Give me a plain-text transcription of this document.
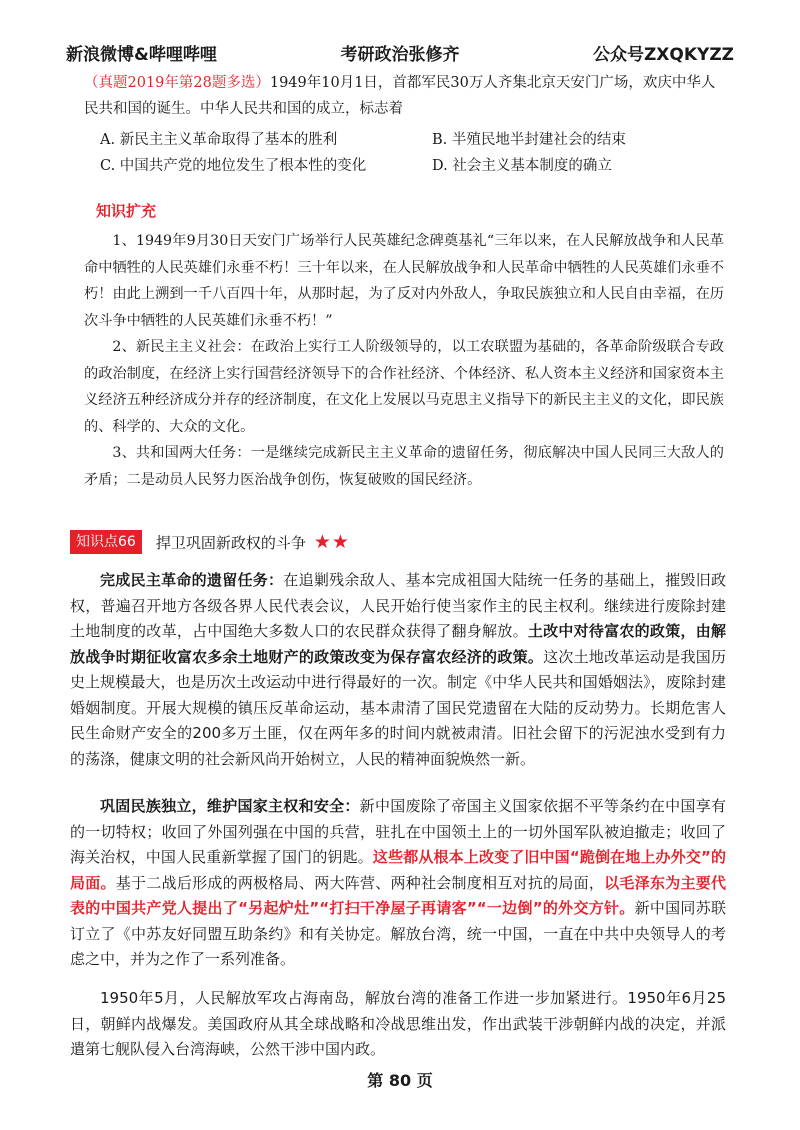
新浪微博&哔哩哔哩	考研政治张修齐	公众号ZXQKYZZ
（真题2019年第28题多选）1949年10月1日，首都军民30万人齐集北京天安门广场，欢庆中华人民共和国的诞生。中华人民共和国的成立，标志着
A. 新民主主义革命取得了基本的胜利	B. 半殖民地半封建社会的结束
C. 中国共产党的地位发生了根本性的变化	D. 社会主义基本制度的确立
知识扩充

1、1949年9月30日天安门广场举行人民英雄纪念碑奠基礼“三年以来，在人民解放战争和人民革命中牺牲的人民英雄们永垂不朽！三十年以来，在人民解放战争和人民革命中牺牲的人民英雄们永垂不朽！由此上溯到一千八百四十年，从那时起，为了反对内外敌人，争取民族独立和人民自由幸福，在历次斗争中牺牲的人民英雄们永垂不朽！”

2、新民主主义社会：在政治上实行工人阶级领导的，以工农联盟为基础的，各革命阶级联合专政的政治制度，在经济上实行国营经济领导下的合作社经济、个体经济、私人资本主义经济和国家资本主义经济五种经济成分并存的经济制度，在文化上发展以马克思主义指导下的新民主主义的文化，即民族的、科学的、大众的文化。

3、共和国两大任务：一是继续完成新民主主义革命的遗留任务，彻底解决中国人民同三大敌人的矛盾；二是动员人民努力医治战争创伤，恢复破败的国民经济。

知识点66	捍卫巩固新政权的斗争 ★★

完成民主革命的遗留任务：在追剿残余敌人、基本完成祖国大陆统一任务的基础上，摧毁旧政权，普遍召开地方各级各界人民代表会议，人民开始行使当家作主的民主权利。继续进行废除封建土地制度的改革，占中国绝大多数人口的农民群众获得了翻身解放。土改中对待富农的政策，由解放战争时期征收富农多余土地财产的政策改变为保存富农经济的政策。这次土地改革运动是我国历史上规模最大，也是历次土改运动中进行得最好的一次。制定《中华人民共和国婚姻法》，废除封建婚姻制度。开展大规模的镇压反革命运动，基本肃清了国民党遗留在大陆的反动势力。长期危害人民生命财产安全的200多万土匪，仅在两年多的时间内就被肃清。旧社会留下的污泥浊水受到有力的荡涤，健康文明的社会新风尚开始树立，人民的精神面貌焕然一新。

巩固民族独立，维护国家主权和安全：新中国废除了帝国主义国家依据不平等条约在中国享有的一切特权；收回了外国列强在中国的兵营，驻扎在中国领土上的一切外国军队被迫撤走；收回了海关治权，中国人民重新掌握了国门的钥匙。这些都从根本上改变了旧中国“跪倒在地上办外交”的局面。基于二战后形成的两极格局、两大阵营、两种社会制度相互对抗的局面，以毛泽东为主要代表的中国共产党人提出了“另起炉灶”“打扫干净屋子再请客”“一边倒”的外交方针。新中国同苏联订立了《中苏友好同盟互助条约》和有关协定。解放台湾，统一中国，一直在中共中央领导人的考虑之中，并为之作了一系列准备。

1950年5月，人民解放军攻占海南岛，解放台湾的准备工作进一步加紧进行。1950年6月25日，朝鲜内战爆发。美国政府从其全球战略和冷战思维出发，作出武装干涉朝鲜内战的决定，并派遣第七舰队侵入台湾海峡，公然干涉中国内政。

第 80 页
